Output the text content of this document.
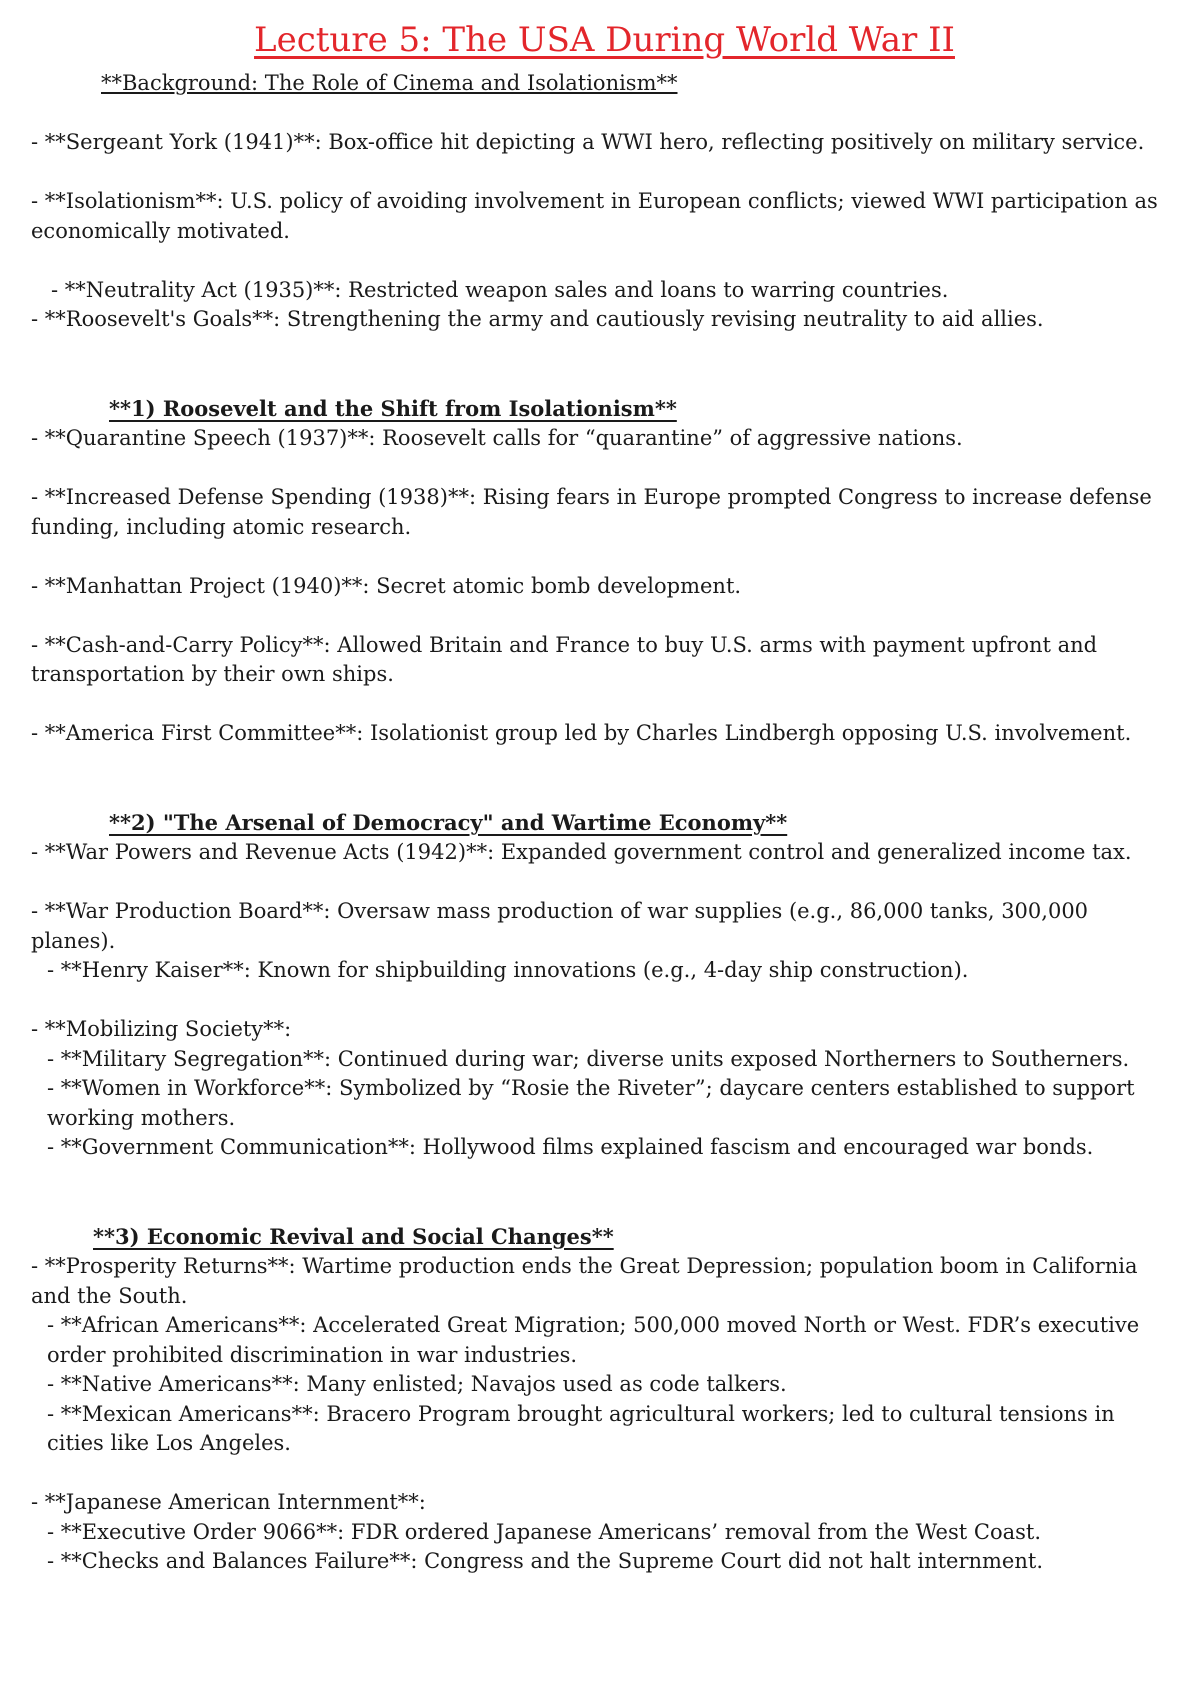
Lecture 5: The USA During World War II

**Background: The Role of Cinema and Isolationism**

- **Sergeant York (1941)**: Box-office hit depicting a WWI hero, reflecting positively on military service.

- **Isolationism**: U.S. policy of avoiding involvement in European conflicts; viewed WWI participation as economically motivated.

- **Neutrality Act (1935)**: Restricted weapon sales and loans to warring countries.

- **Roosevelt's Goals**: Strengthening the army and cautiously revising neutrality to aid allies.

**1) Roosevelt and the Shift from Isolationism**

- **Quarantine Speech (1937)**: Roosevelt calls for “quarantine” of aggressive nations.

- **Increased Defense Spending (1938)**: Rising fears in Europe prompted Congress to increase defense funding, including atomic research.

- **Manhattan Project (1940)**: Secret atomic bomb development.

- **Cash-and-Carry Policy**: Allowed Britain and France to buy U.S. arms with payment upfront and transportation by their own ships.

- **America First Committee**: Isolationist group led by Charles Lindbergh opposing U.S. involvement.

**2) "The Arsenal of Democracy" and Wartime Economy**

- **War Powers and Revenue Acts (1942)**: Expanded government control and generalized income tax.

- **War Production Board**: Oversaw mass production of war supplies (e.g., 86,000 tanks, 300,000 planes).

- **Henry Kaiser**: Known for shipbuilding innovations (e.g., 4-day ship construction).

- **Mobilizing Society**:

- **Military Segregation**: Continued during war; diverse units exposed Northerners to Southerners.

- **Women in Workforce**: Symbolized by “Rosie the Riveter”; daycare centers established to support working mothers.

- **Government Communication**: Hollywood films explained fascism and encouraged war bonds.

**3) Economic Revival and Social Changes**

- **Prosperity Returns**: Wartime production ends the Great Depression; population boom in California and the South.

- **African Americans**: Accelerated Great Migration; 500,000 moved North or West. FDR’s executive order prohibited discrimination in war industries.

- **Native Americans**: Many enlisted; Navajos used as code talkers.

- **Mexican Americans**: Bracero Program brought agricultural workers; led to cultural tensions in cities like Los Angeles.

- **Japanese American Internment**:

- **Executive Order 9066**: FDR ordered Japanese Americans’ removal from the West Coast.

- **Checks and Balances Failure**: Congress and the Supreme Court did not halt internment.
